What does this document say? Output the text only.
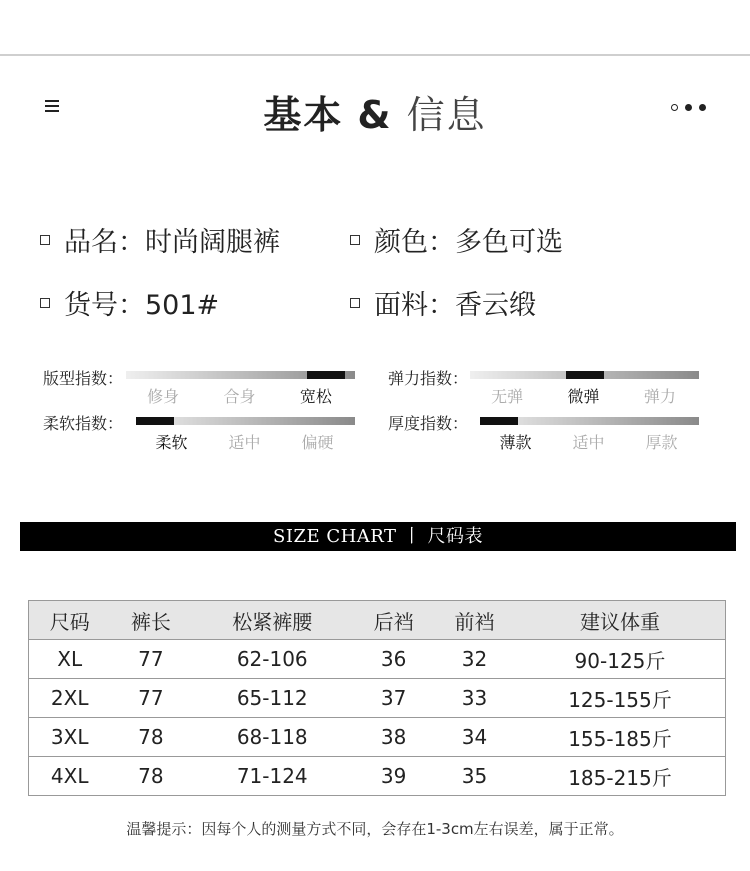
基本 & 信息
品名：时尚阔腿裤	颜色：多色可选
货号：501#	面料：香云缎
版型指数：
修身	合身	宽松
弹力指数：
无弹	微弹	弹力
柔软指数：
柔软	适中	偏硬
厚度指数：
薄款	适中	厚款
SIZE CHART 丨 尺码表
尺码	裤长	松紧裤腰	后裆	前裆	建议体重
XL	77	62-106	36	32	90-125斤
2XL	77	65-112	37	33	125-155斤
3XL	78	68-118	38	34	155-185斤
4XL	78	71-124	39	35	185-215斤
温馨提示：因每个人的测量方式不同，会存在1-3cm左右误差，属于正常。
